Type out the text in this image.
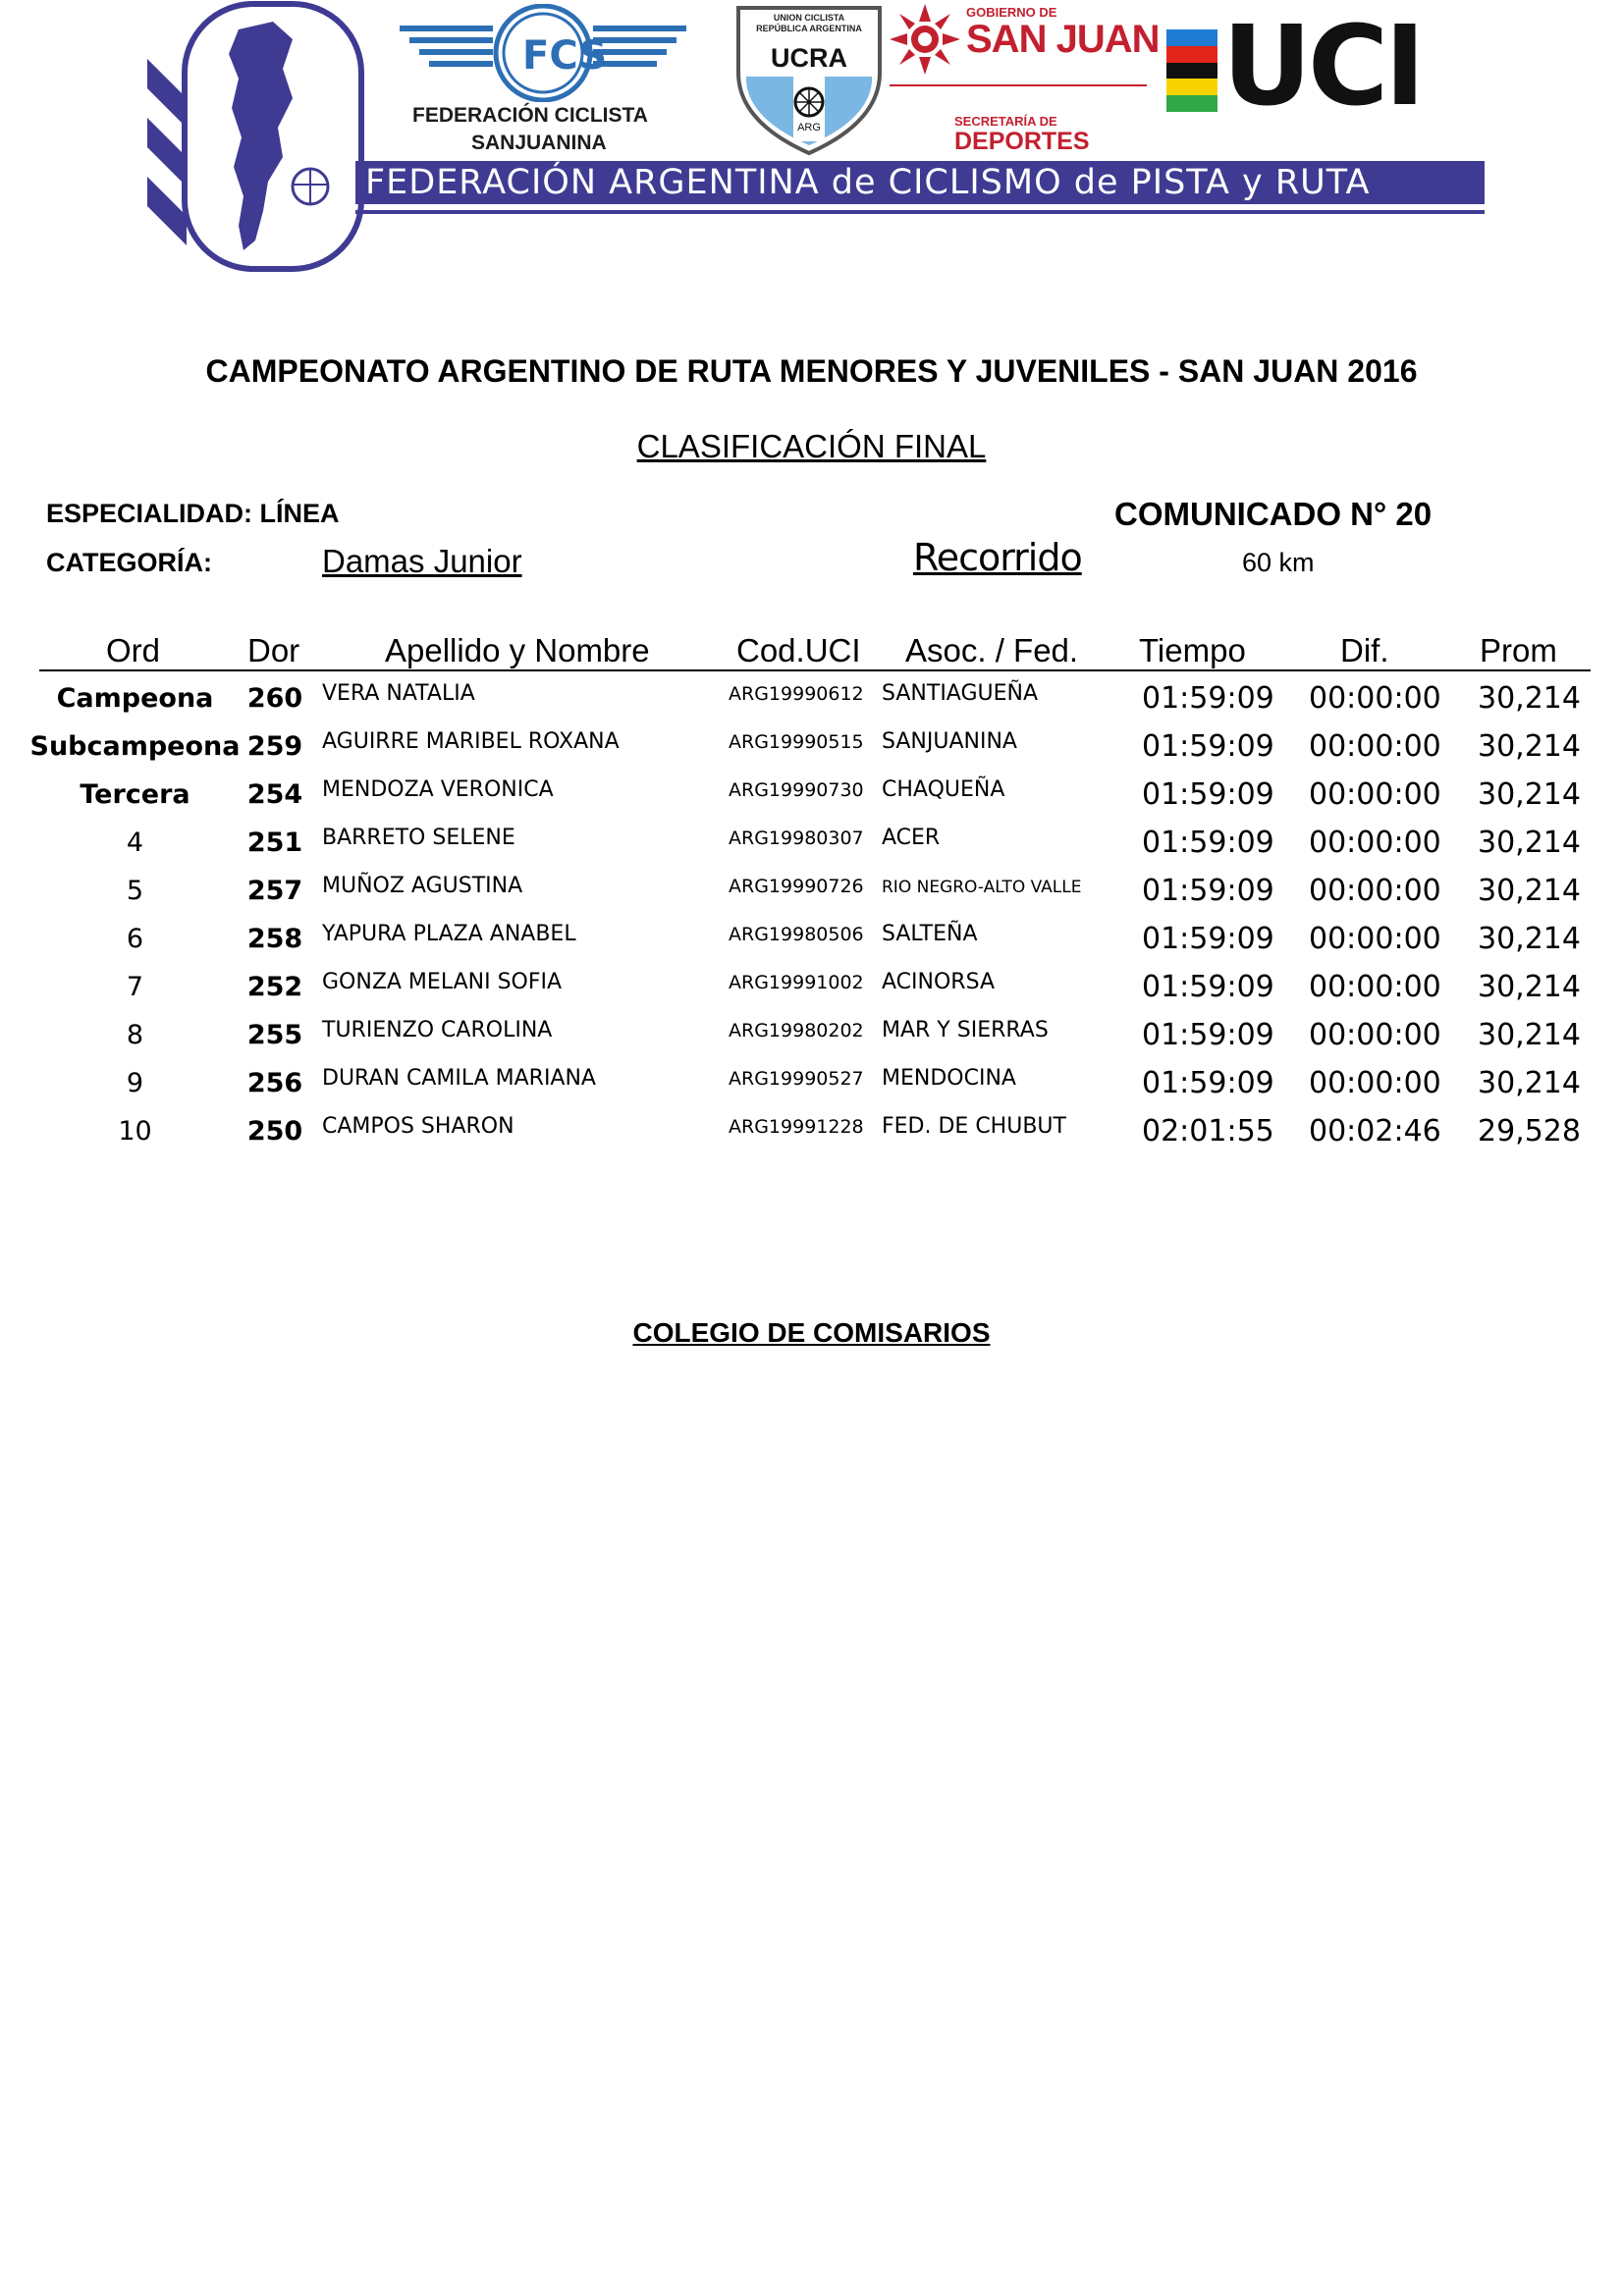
FCS
FEDERACIÓN CICLISTA
SANJUANINA
UNION CICLISTA
REPÚBLICA ARGENTINA
UCRA
ARG
GOBIERNO DE
SAN JUAN
SECRETARÍA DE
DEPORTES
UCI
FEDERACIÓN ARGENTINA de CICLISMO de PISTA y RUTA
CAMPEONATO ARGENTINO DE RUTA MENORES Y JUVENILES - SAN JUAN 2016
CLASIFICACIÓN FINAL
ESPECIALIDAD: LÍNEA	COMUNICADO N° 20
CATEGORÍA:	Damas Junior	Recorrido	60 km
Ord	Dor	Apellido y Nombre	Cod.UCI Asoc. / Fed. Tiempo	Dif.	Prom
Campeona	260 VERA NATALIA	ARG19990612 SANTIAGUEÑA	01:59:09 00:00:00 30,214
Subcampeona 259 AGUIRRE MARIBEL ROXANA	ARG19990515 SANJUANINA	01:59:09 00:00:00 30,214
Tercera	254 MENDOZA VERONICA	ARG19990730 CHAQUEÑA	01:59:09 00:00:00 30,214
4	251 BARRETO SELENE	ARG19980307 ACER	01:59:09 00:00:00 30,214
5	257 MUÑOZ AGUSTINA	ARG19990726 RIO NEGRO-ALTO VALLE 01:59:09 00:00:00 30,214
6	258 YAPURA PLAZA ANABEL	ARG19980506 SALTEÑA	01:59:09 00:00:00 30,214
7	252 GONZA MELANI SOFIA	ARG19991002 ACINORSA	01:59:09 00:00:00 30,214
8	255 TURIENZO CAROLINA	ARG19980202 MAR Y SIERRAS	01:59:09 00:00:00 30,214
9	256 DURAN CAMILA MARIANA	ARG19990527 MENDOCINA	01:59:09 00:00:00 30,214
10	250 CAMPOS SHARON	ARG19991228 FED. DE CHUBUT	02:01:55 00:02:46 29,528
COLEGIO DE COMISARIOS
